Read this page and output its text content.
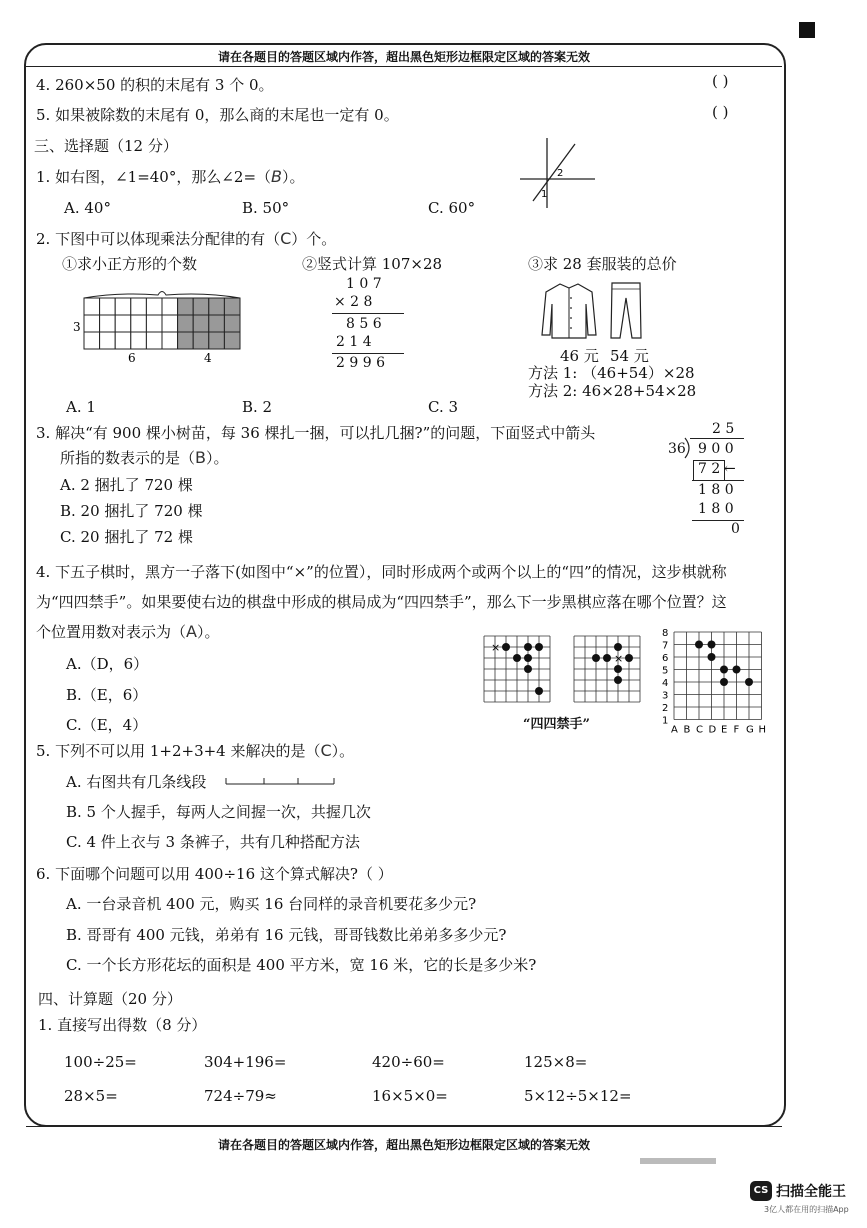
请在各题目的答题区域内作答，超出黑色矩形边框限定区域的答案无效
4. 260×50 的积的末尾有 3 个 0。	( )
5. 如果被除数的末尾有 0，那么商的末尾也一定有 0。	( )
三、选择题（12 分）
1. 如右图，∠1=40°，那么∠2=（B）。	2
1
A. 40°	B. 50°	C. 60°
2. 下图中可以体现乘法分配律的有（C）个。
①求小正方形的个数	②竖式计算 107×28	③求 28 套服装的总价
3
6	4
1 0 7
× 2 8
8 5 6
2 1 4
2 9 9 6	46 元 54 元
方法 1: （46+54）×28
方法 2: 46×28+54×28
A. 1	B. 2	C. 3
3. 解决“有 900 棵小树苗，每 36 棵扎一捆，可以扎几捆?”的问题，下面竖式中箭头
所指的数表示的是（B）。
A. 2 捆扎了 720 棵
B. 20 捆扎了 720 棵
C. 20 捆扎了 72 棵
2 5
36 9 0 0
7 2 ←
1 8 0
1 8 0
0
4. 下五子棋时，黑方一子落下(如图中“×”的位置），同时形成两个或两个以上的“四”的情况，这步棋就称
为“四四禁手”。如果要使右边的棋盘中形成的棋局成为“四四禁手”，那么下一步黑棋应落在哪个位置？这
个位置用数对表示为（A）。
A.（D，6）
B.（E，6）
C.（E，4）
×
×
“四四禁手”
8
A
7
B
6
C
5
D
4
E
3
F
2
G
1
H
5. 下列不可以用 1+2+3+4 来解决的是（C）。
A. 右图共有几条线段
B. 5 个人握手，每两人之间握一次，共握几次
C. 4 件上衣与 3 条裤子，共有几种搭配方法
6. 下面哪个问题可以用 400÷16 这个算式解决?（ ）
A. 一台录音机 400 元，购买 16 台同样的录音机要花多少元?
B. 哥哥有 400 元钱，弟弟有 16 元钱，哥哥钱数比弟弟多多少元?
C. 一个长方形花坛的面积是 400 平方米，宽 16 米，它的长是多少米?
四、计算题（20 分）
1. 直接写出得数（8 分）
100÷25=	304+196=	420÷60=	125×8=
28×5=	724÷79≈	16×5×0=	5×12÷5×12=
请在各题目的答题区域内作答，超出黑色矩形边框限定区域的答案无效
CS 扫描全能王
3亿人都在用的扫描App
